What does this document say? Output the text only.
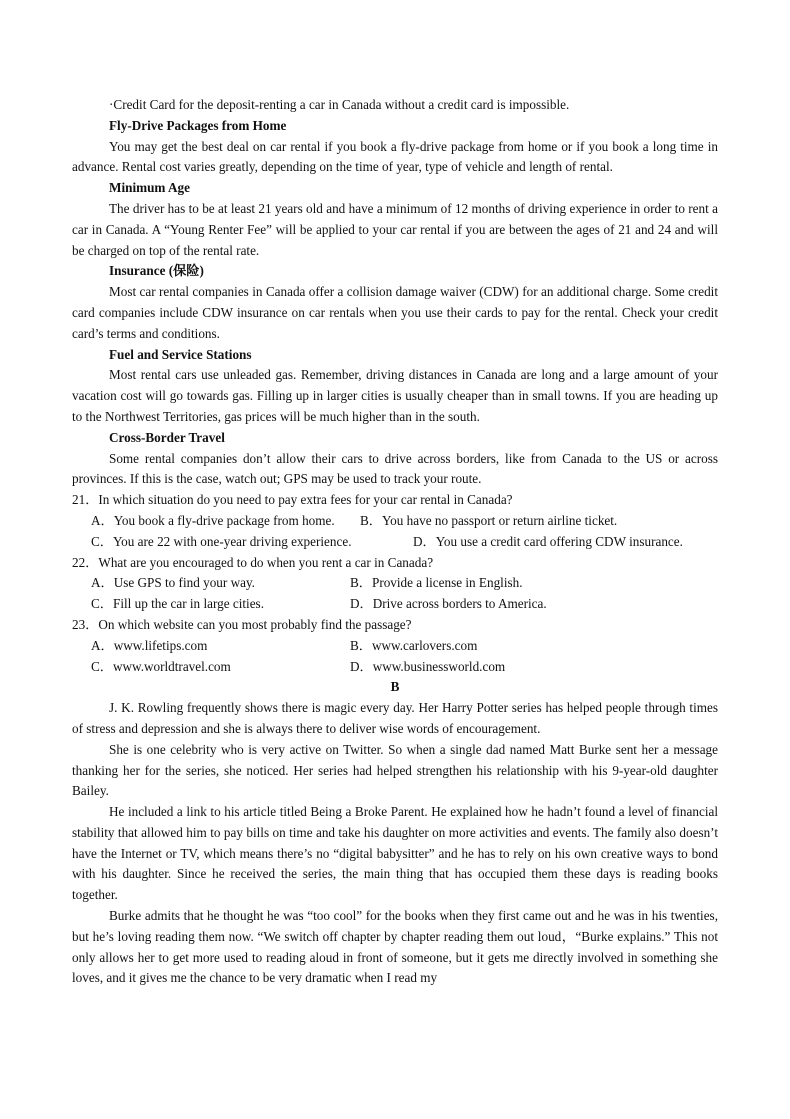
·Credit Card for the deposit-renting a car in Canada without a credit card is impossible.

Fly-Drive Packages from Home

You may get the best deal on car rental if you book a fly-drive package from home or if you book a long time in advance. Rental cost varies greatly, depending on the time of year, type of vehicle and length of rental.

Minimum Age

The driver has to be at least 21 years old and have a minimum of 12 months of driving experience in order to rent a car in Canada. A “Young Renter Fee” will be applied to your car rental if you are between the ages of 21 and 24 and will be charged on top of the rental rate.

Insurance (保险)

Most car rental companies in Canada offer a collision damage waiver (CDW) for an additional charge. Some credit card companies include CDW insurance on car rentals when you use their cards to pay for the rental. Check your credit card’s terms and conditions.

Fuel and Service Stations

Most rental cars use unleaded gas. Remember, driving distances in Canada are long and a large amount of your vacation cost will go towards gas. Filling up in larger cities is usually cheaper than in small towns. If you are heading up to the Northwest Territories, gas prices will be much higher than in the south.

Cross-Border Travel

Some rental companies don’t allow their cars to drive across borders, like from Canada to the US or across provinces. If this is the case, watch out; GPS may be used to track your route.

21．In which situation do you need to pay extra fees for your car rental in Canada?

A．You book a fly-drive package from home.	B．You have no passport or return airline ticket.
C．You are 22 with one-year driving experience.	D．You use a credit card offering CDW insurance.

22．What are you encouraged to do when you rent a car in Canada?

A．Use GPS to find your way.	B．Provide a license in English.
C．Fill up the car in large cities.	D．Drive across borders to America.

23．On which website can you most probably find the passage?

A．www.lifetips.com	B．www.carlovers.com
C．www.worldtravel.com	D．www.businessworld.com

B

J. K. Rowling frequently shows there is magic every day. Her Harry Potter series has helped people through times of stress and depression and she is always there to deliver wise words of encouragement.

She is one celebrity who is very active on Twitter. So when a single dad named Matt Burke sent her a message thanking her for the series, she noticed. Her series had helped strengthen his relationship with his 9-year-old daughter Bailey.

He included a link to his article titled Being a Broke Parent. He explained how he hadn’t found a level of financial stability that allowed him to pay bills on time and take his daughter on more activities and events. The family also doesn’t have the Internet or TV, which means there’s no “digital babysitter” and he has to rely on his own creative ways to bond with his daughter. Since he received the series, the main thing that has occupied them these days is reading books together.

Burke admits that he thought he was “too cool” for the books when they first came out and he was in his twenties, but he’s loving reading them now. “We switch off chapter by chapter reading them out loud，“Burke explains.” This not only allows her to get more used to reading aloud in front of someone, but it gets me directly involved in something she loves, and it gives me the chance to be very dramatic when I read my
